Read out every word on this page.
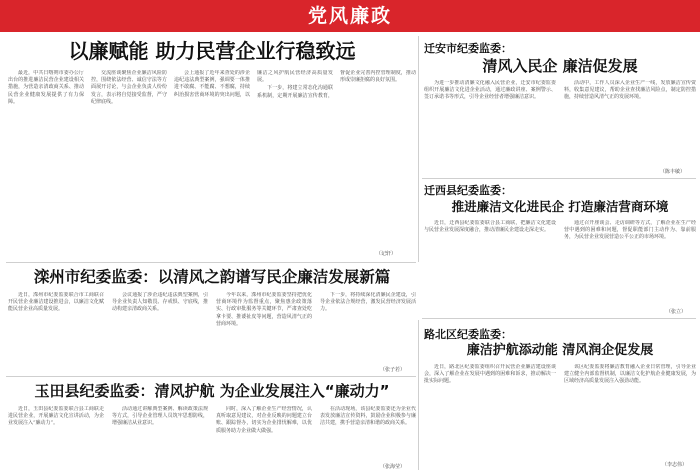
党风廉政
以廉赋能 助力民营企业行稳致远

最近，中共日喀则市委办公厅出台的推进廉洁民营企业建设相关措施，为营造亲清政商关系、推动民营企业健康发展提供了有力保障。

交流座谈聚焦企业廉洁风险防控，围绕依法经营、诚信守法等方面展开讨论，与会企业负责人纷纷发言，表示将自觉接受监督，严守纪律底线。

会上通报了近年来查处的涉企违纪违法典型案例，强调要一体推进不敢腐、不能腐、不想腐，持续纠治损害营商环境的突出问题，以廉洁之风护航民营经济高质量发展。

下一步，将建立常态化沟通联系机制，定期开展廉洁宣传教育，督促企业完善内控管理制度，推动形成崇廉拒腐的良好氛围。

（记轩）
迁安市纪委监委：
清风入民企 廉洁促发展

为进一步推动清廉文化融入民营企业，迁安市纪委监委组织开展廉洁文化进企业活动，通过廉政讲座、案例警示、签订承诺书等形式，引导企业经营者增强廉洁意识。

活动中，工作人员深入企业生产一线，发放廉洁宣传资料，收集意见建议，帮助企业查找廉洁风险点，制定防控措施，持续营造风清气正的发展环境。

（陈丰敏）
迁西县纪委监委：
推进廉洁文化进民企 打造廉洁营商环境

近日，迁西县纪委监委联合县工商联，把廉洁文化建设与民营企业发展深度融合，推动清廉民企建设走深走实。

通过召开座谈会、走访调研等方式，了解企业在生产经营中遇到的困难和问题，督促职能部门主动作为、靠前服务，为民营企业发展营造公平公正的市场环境。

（张立）
滦州市纪委监委：以清风之韵谱写民企廉洁发展新篇

近日，滦州市纪委监委联合市工商联召开民营企业廉洁建设推进会，以廉洁文化赋能民营企业高质量发展。

会议通报了涉企违纪违法典型案例，引导企业负责人知敬畏、存戒惧、守底线，推动构建亲清政商关系。

今年以来，滦州市纪委监委坚持把优化营商环境作为监督重点，聚焦惠企政策落实、行政审批服务等关键环节，严肃查处吃拿卡要、推诿扯皮等问题，营造风清气正的营商环境。

下一步，将持续深化清廉民企建设，引导企业依法合规经营，激发民营经济发展活力。

（张子若）
路北区纪委监委：
廉洁护航添动能 清风润企促发展

近日，路北区纪委监委组织召开民营企业廉洁建设座谈会，深入了解企业在发展中遇到的困难和诉求，推动解决一批实际问题。

该区纪委监委将廉洁教育融入企业日常管理，引导企业建立健全内部监督机制，以廉洁文化护航企业健康发展，为区域经济高质量发展注入强劲动能。

（李志伟）
玉田县纪委监委：清风护航 为企业发展注入“廉动力”

近日，玉田县纪委监委联合县工商联走进民营企业，开展廉洁文化宣讲活动，为企业发展注入“廉动力”。

活动通过讲解典型案例、解读政策法规等方式，引导企业管理人员筑牢思想防线，增强廉洁从业意识。

同时，深入了解企业生产经营情况，认真听取意见建议，对企业反映的问题建立台账、跟踪督办，切实为企业排忧解难，以优质服务助力企业做大做强。

在活动现场，该县纪委监委还为企业代表发放廉洁宣传资料，鼓励企业积极参与廉洁共建，携手营造亲清和谐的政商关系。

（张海莹）
